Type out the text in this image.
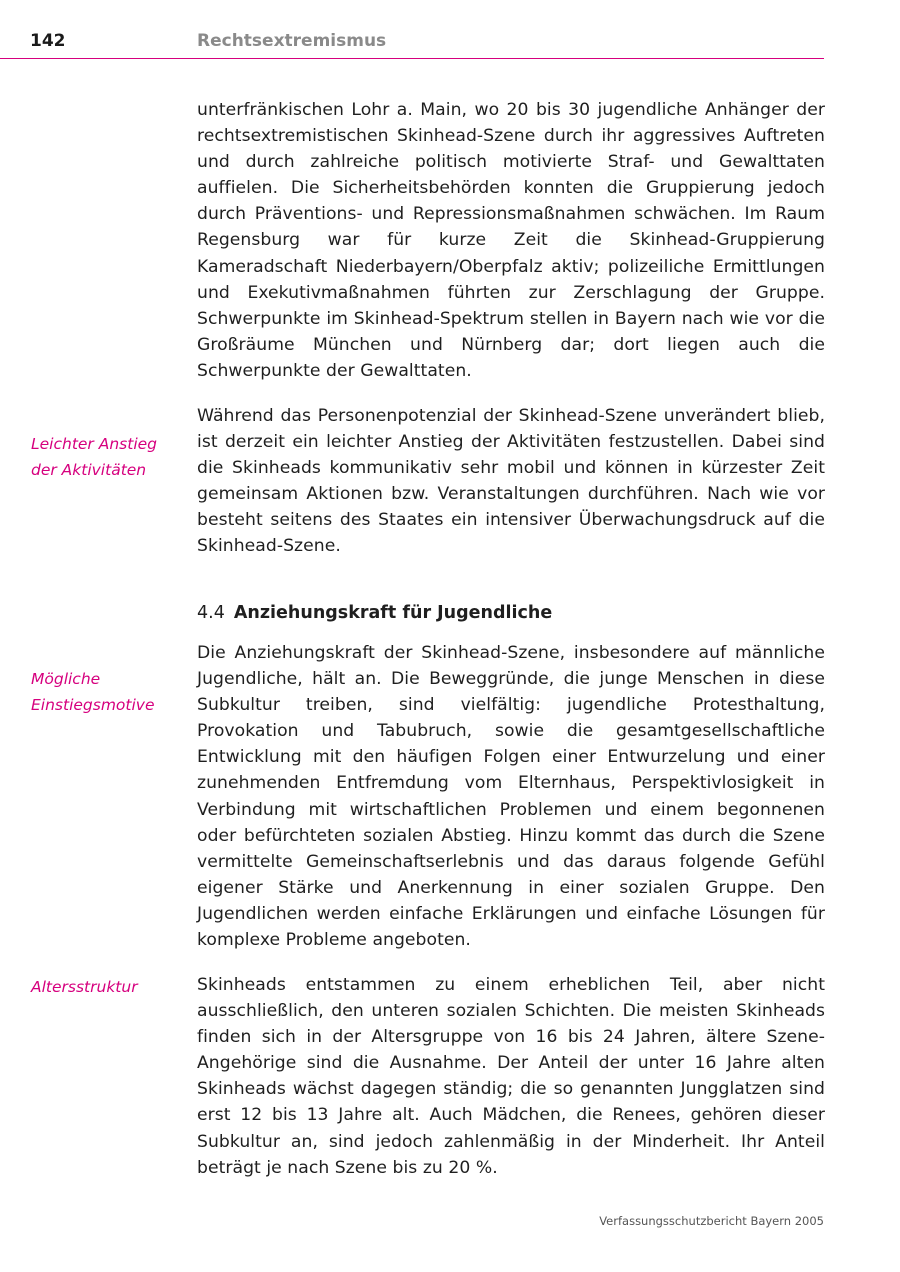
142	Rechtsextremismus

unterfränkischen Lohr a. Main, wo 20 bis 30 jugendliche Anhänger der rechtsextremistischen Skinhead-Szene durch ihr aggressives Auftreten und durch zahlreiche politisch motivierte Straf- und Gewalttaten auffielen. Die Sicherheitsbehörden konnten die Gruppierung jedoch durch Präventions- und Repressionsmaßnahmen schwächen. Im Raum Regensburg war für kurze Zeit die Skinhead-Gruppierung Kameradschaft Niederbayern/Oberpfalz aktiv; polizeiliche Ermittlungen und Exekutivmaßnahmen führten zur Zerschlagung der Gruppe. Schwerpunkte im Skinhead-Spektrum stellen in Bayern nach wie vor die Großräume München und Nürnberg dar; dort liegen auch die Schwerpunkte der Gewalttaten.

Leichter Anstieg
der Aktivitäten

Während das Personenpotenzial der Skinhead-Szene unverändert blieb, ist derzeit ein leichter Anstieg der Aktivitäten festzustellen. Dabei sind die Skinheads kommunikativ sehr mobil und können in kürzester Zeit gemeinsam Aktionen bzw. Veranstaltungen durchführen. Nach wie vor besteht seitens des Staates ein intensiver Überwachungsdruck auf die Skinhead-Szene.

4.4 Anziehungskraft für Jugendliche
Mögliche
Einstiegsmotive

Die Anziehungskraft der Skinhead-Szene, insbesondere auf männliche Jugendliche, hält an. Die Beweggründe, die junge Menschen in diese Subkultur treiben, sind vielfältig: jugendliche Protesthaltung, Provokation und Tabubruch, sowie die gesamtgesellschaftliche Entwicklung mit den häufigen Folgen einer Entwurzelung und einer zunehmenden Entfremdung vom Elternhaus, Perspektivlosigkeit in Verbindung mit wirtschaftlichen Problemen und einem begonnenen oder befürchteten sozialen Abstieg. Hinzu kommt das durch die Szene vermittelte Gemeinschaftserlebnis und das daraus folgende Gefühl eigener Stärke und Anerkennung in einer sozialen Gruppe. Den Jugendlichen werden einfache Erklärungen und einfache Lösungen für komplexe Probleme angeboten.

Altersstruktur	Skinheads entstammen zu einem erheblichen Teil, aber nicht ausschließlich, den unteren sozialen Schichten. Die meisten Skinheads finden sich in der Altersgruppe von 16 bis 24 Jahren, ältere Szene-Angehörige sind die Ausnahme. Der Anteil der unter 16 Jahre alten Skinheads wächst dagegen ständig; die so genannten Jungglatzen sind erst 12 bis 13 Jahre alt. Auch Mädchen, die Renees, gehören dieser Subkultur an, sind jedoch zahlenmäßig in der Minderheit. Ihr Anteil beträgt je nach Szene bis zu 20 %.

Verfassungsschutzbericht Bayern 2005
